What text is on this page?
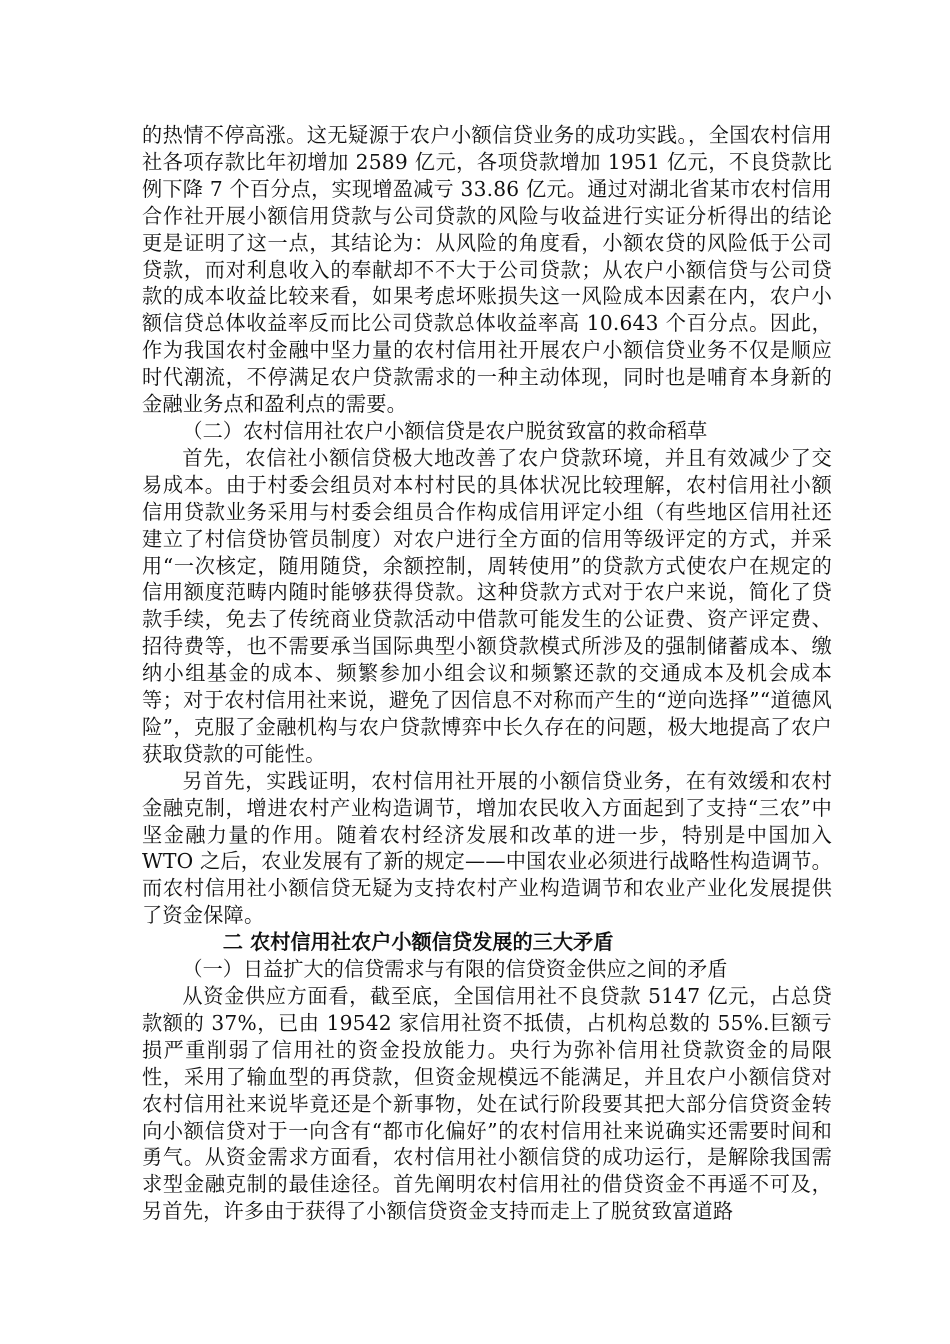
的热情不停高涨。这无疑源于农户小额信贷业务的成功实践。，全国农村信用社各项存款比年初增加 2589 亿元，各项贷款增加 1951 亿元，不良贷款比例下降 7 个百分点，实现增盈减亏 33.86 亿元。通过对湖北省某市农村信用合作社开展小额信用贷款与公司贷款的风险与收益进行实证分析得出的结论更是证明了这一点，其结论为：从风险的角度看，小额农贷的风险低于公司贷款，而对利息收入的奉献却不不大于公司贷款；从农户小额信贷与公司贷款的成本收益比较来看，如果考虑坏账损失这一风险成本因素在内，农户小额信贷总体收益率反而比公司贷款总体收益率高 10.643 个百分点。因此，作为我国农村金融中坚力量的农村信用社开展农户小额信贷业务不仅是顺应时代潮流，不停满足农户贷款需求的一种主动体现，同时也是哺育本身新的金融业务点和盈利点的需要。

（二）农村信用社农户小额信贷是农户脱贫致富的救命稻草

首先，农信社小额信贷极大地改善了农户贷款环境，并且有效减少了交易成本。由于村委会组员对本村村民的具体状况比较理解，农村信用社小额信用贷款业务采用与村委会组员合作构成信用评定小组（有些地区信用社还建立了村信贷协管员制度）对农户进行全方面的信用等级评定的方式，并采用“一次核定，随用随贷，余额控制，周转使用”的贷款方式使农户在规定的信用额度范畴内随时能够获得贷款。这种贷款方式对于农户来说，简化了贷款手续，免去了传统商业贷款活动中借款可能发生的公证费、资产评定费、招待费等，也不需要承当国际典型小额贷款模式所涉及的强制储蓄成本、缴纳小组基金的成本、频繁参加小组会议和频繁还款的交通成本及机会成本等；对于农村信用社来说，避免了因信息不对称而产生的“逆向选择”“道德风险”，克服了金融机构与农户贷款博弈中长久存在的问题，极大地提高了农户获取贷款的可能性。

另首先，实践证明，农村信用社开展的小额信贷业务，在有效缓和农村金融克制，增进农村产业构造调节，增加农民收入方面起到了支持“三农”中坚金融力量的作用。随着农村经济发展和改革的进一步，特别是中国加入 WTO 之后，农业发展有了新的规定——中国农业必须进行战略性构造调节。而农村信用社小额信贷无疑为支持农村产业构造调节和农业产业化发展提供了资金保障。

二 农村信用社农户小额信贷发展的三大矛盾

（一）日益扩大的信贷需求与有限的信贷资金供应之间的矛盾

从资金供应方面看，截至底，全国信用社不良贷款 5147 亿元，占总贷款额的 37%，已由 19542 家信用社资不抵债，占机构总数的 55%.巨额亏损严重削弱了信用社的资金投放能力。央行为弥补信用社贷款资金的局限性，采用了输血型的再贷款，但资金规模远不能满足，并且农户小额信贷对农村信用社来说毕竟还是个新事物，处在试行阶段要其把大部分信贷资金转向小额信贷对于一向含有“都市化偏好”的农村信用社来说确实还需要时间和勇气。从资金需求方面看，农村信用社小额信贷的成功运行，是解除我国需求型金融克制的最佳途径。首先阐明农村信用社的借贷资金不再遥不可及，另首先，许多由于获得了小额信贷资金支持而走上了脱贫致富道路
